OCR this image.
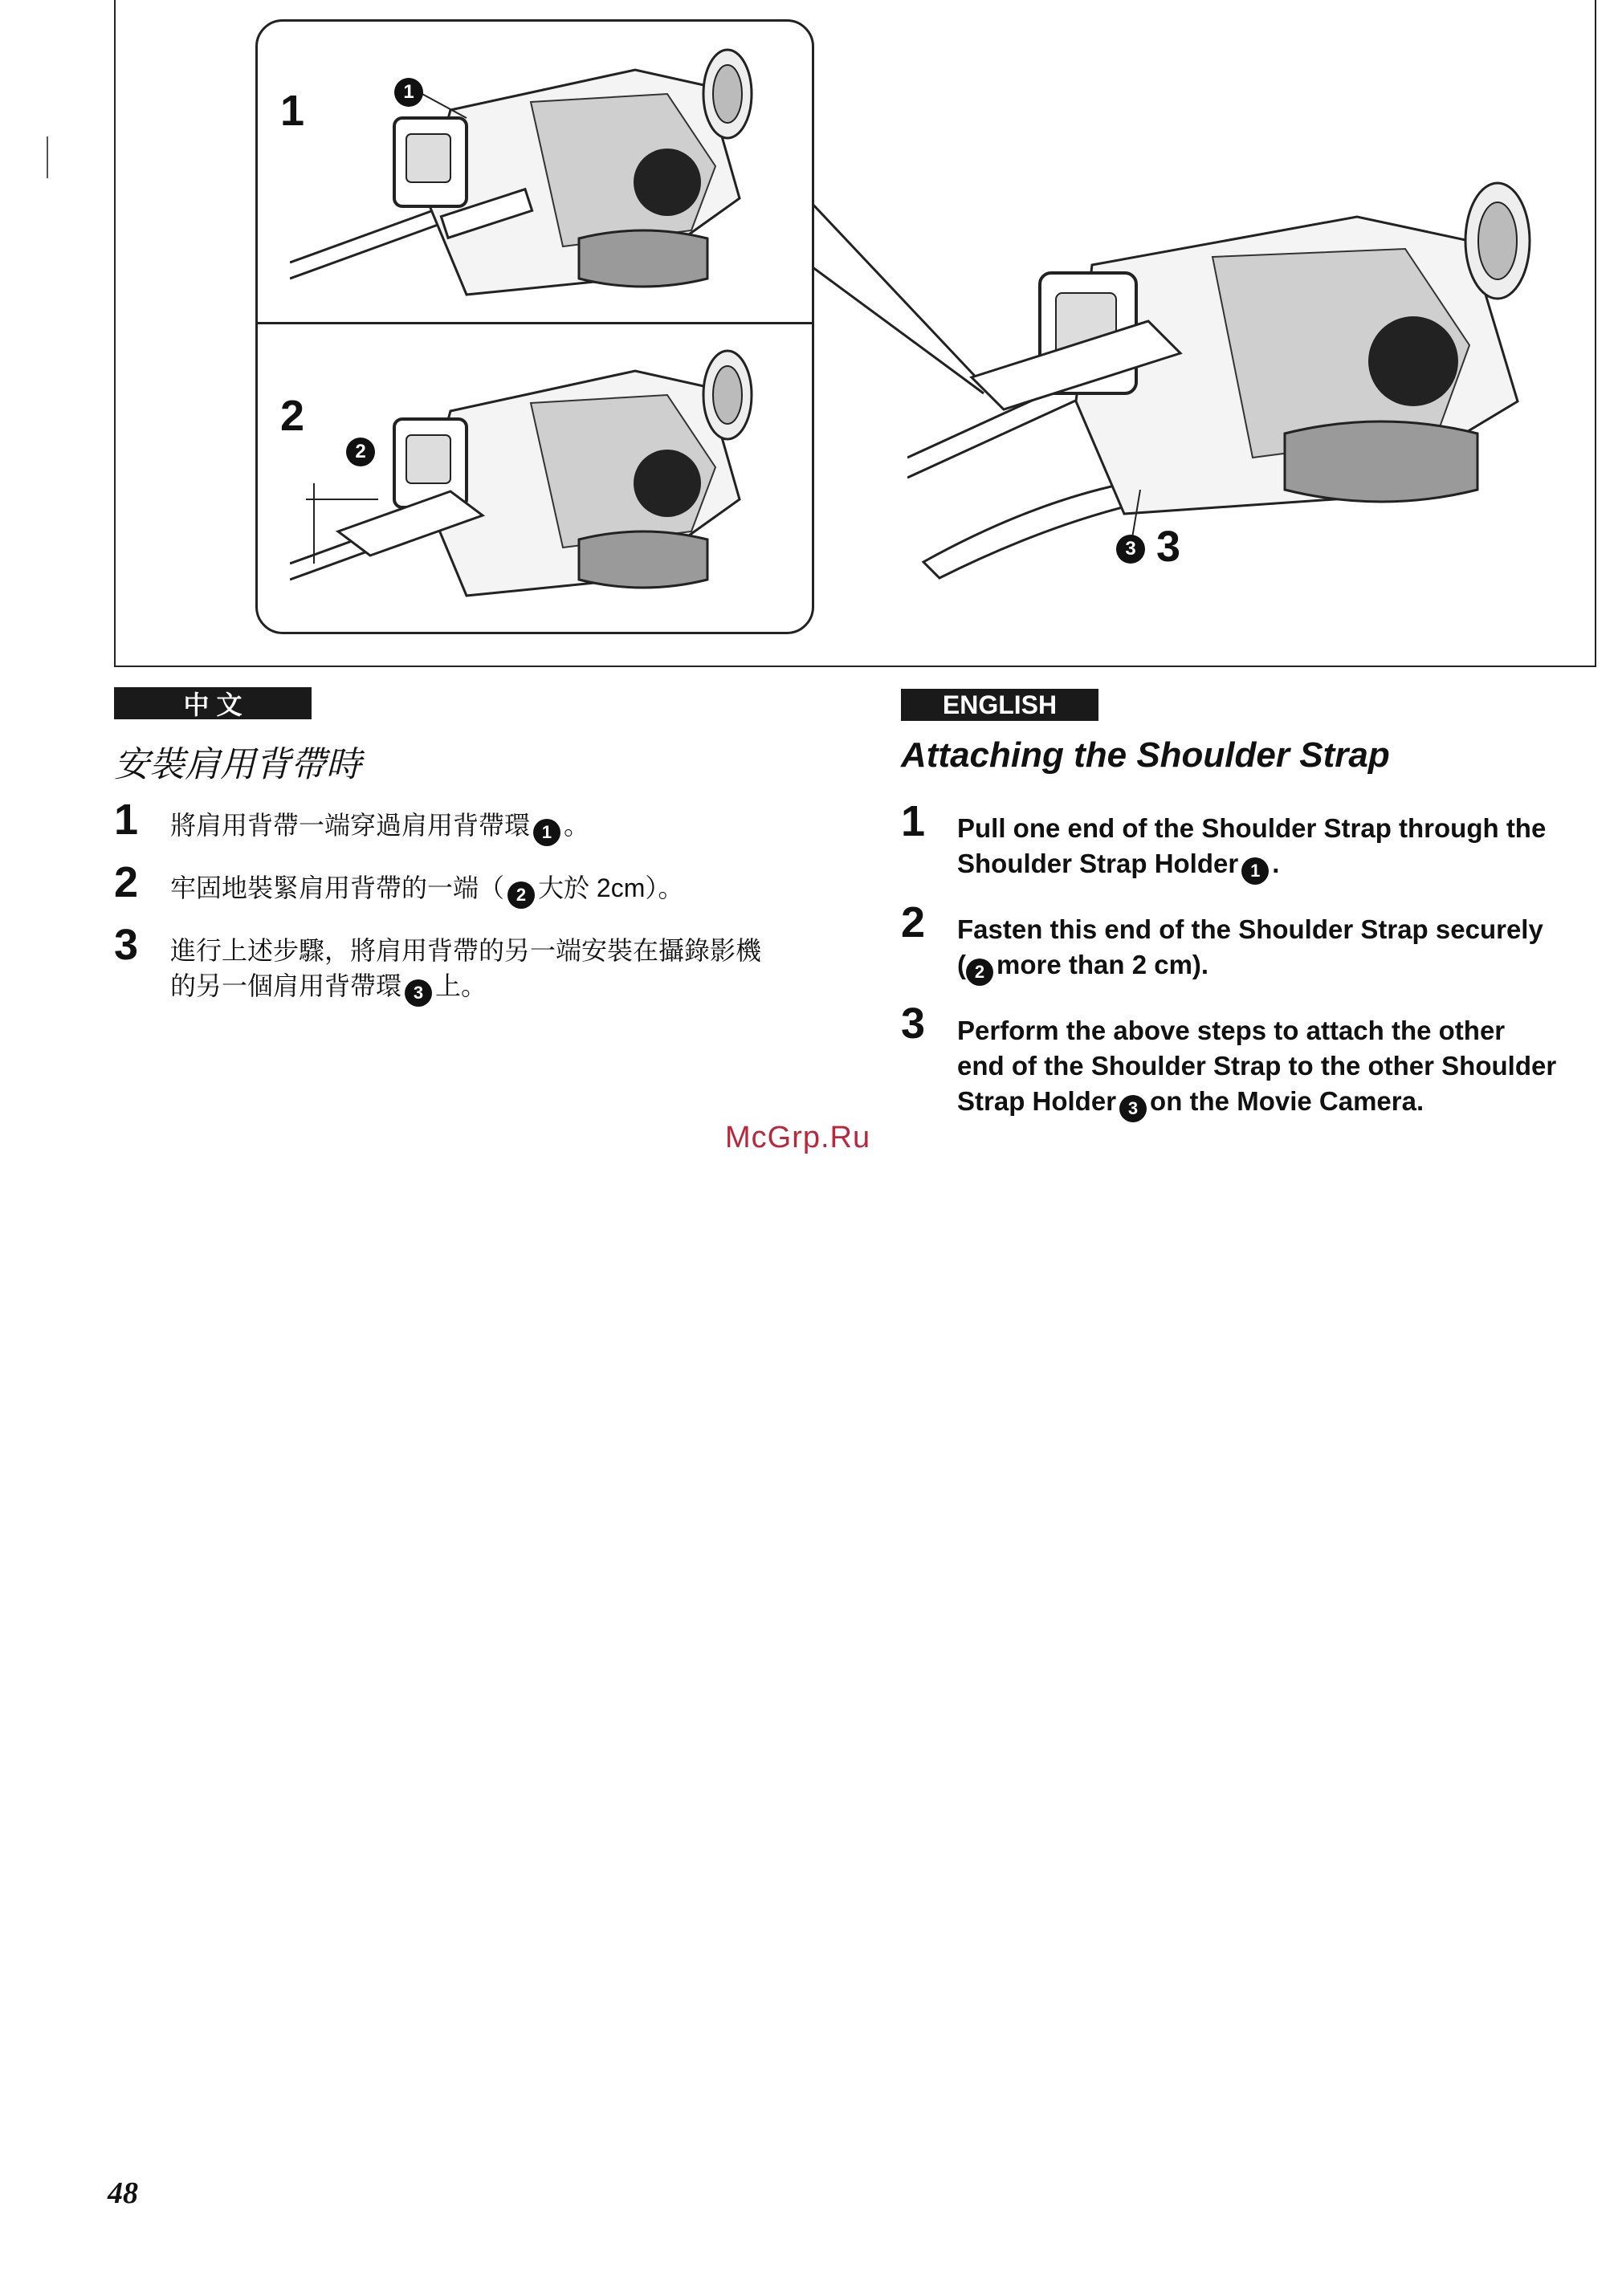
1	1
2
2
3 3
中 文
安裝肩用背帶時
1 將肩用背帶一端穿過肩用背帶環 1 。
2 牢固地裝緊肩用背帶的一端（ 2 大於 2cm）。
3 進行上述步驟，將肩用背帶的另一端安裝在攝錄影機
的另一個肩用背帶環 3 上。
ENGLISH
Attaching the Shoulder Strap
1 Pull one end of the Shoulder Strap through the
Shoulder Strap Holder 1 .
2 Fasten this end of the Shoulder Strap securely
( 2 more than 2 cm).
3 Perform the above steps to attach the other
end of the Shoulder Strap to the other Shoulder
Strap Holder 3 on the Movie Camera.
McGrp.Ru
48
